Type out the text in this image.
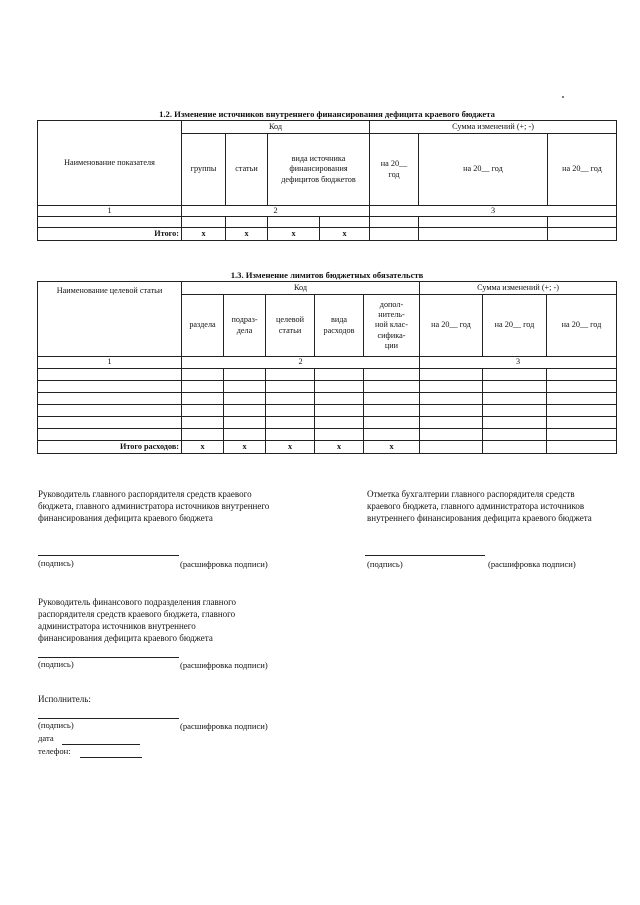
1.2. Изменение источников внутреннего финансирования дефицита краевого бюджета
Наименование показателя	Код				Сумма изменений (+; -)		
	группы	статьи	вида источника финансирования дефицитов бюджетов		на 20__ год	на 20__ год	на 20__ год
1	2				3		

Итого:	x	x	x	x			
1.3. Изменение лимитов бюджетных обязательств
Наименование целевой статьи	Код					Сумма изменений (+; -)		
	раздела	подраз-дела	целевой статьи	вида расходов	допол-нитель-ной клас-сифика-ции	на 20__ год	на 20__ год	на 20__ год
1	2					3		

Итого расходов:	x	x	x	x	x			
Руководитель главного распорядителя средств краевого бюджета, главного администратора источников внутреннего финансирования дефицита краевого бюджета
(подпись)	(расшифровка подписи)
Отметка бухгалтерии главного распорядителя средств краевого бюджета, главного администратора источников внутреннего финансирования дефицита краевого бюджета
(подпись)	(расшифровка подписи)
Руководитель финансового подразделения главного распорядителя средств краевого бюджета, главного администратора источников внутреннего финансирования дефицита краевого бюджета
(подпись)	(расшифровка подписи)
Исполнитель:
(подпись)	(расшифровка подписи)
дата
телефон:
